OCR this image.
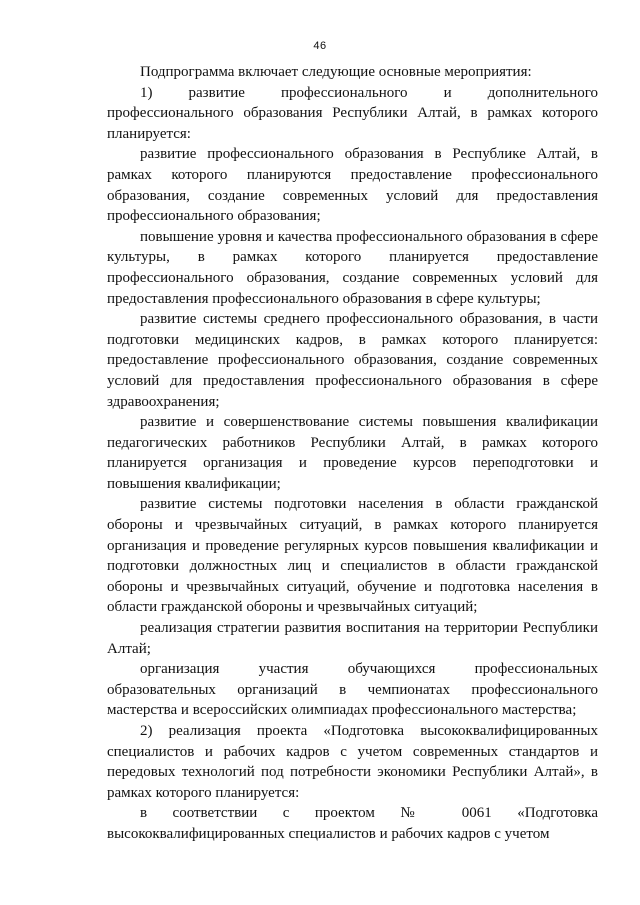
46

Подпрограмма включает следующие основные мероприятия:

1) развитие профессионального и дополнительного профессионального образования Республики Алтай, в рамках которого планируется:

развитие профессионального образования в Республике Алтай, в рамках которого планируются предоставление профессионального образования, создание современных условий для предоставления профессионального образования;

повышение уровня и качества профессионального образования в сфере культуры, в рамках которого планируется предоставление профессионального образования, создание современных условий для предоставления профессионального образования в сфере культуры;

развитие системы среднего профессионального образования, в части подготовки медицинских кадров, в рамках которого планируется: предоставление профессионального образования, создание современных условий для предоставления профессионального образования в сфере здравоохранения;

развитие и совершенствование системы повышения квалификации педагогических работников Республики Алтай, в рамках которого планируется организация и проведение курсов переподготовки и повышения квалификации;

развитие системы подготовки населения в области гражданской обороны и чрезвычайных ситуаций, в рамках которого планируется организация и проведение регулярных курсов повышения квалификации и подготовки должностных лиц и специалистов в области гражданской обороны и чрезвычайных ситуаций, обучение и подготовка населения в области гражданской обороны и чрезвычайных ситуаций;

реализация стратегии развития воспитания на территории Республики Алтай;

организация участия обучающихся профессиональных образовательных организаций в чемпионатах профессионального мастерства и всероссийских олимпиадах профессионального мастерства;

2) реализация проекта «Подготовка высококвалифицированных специалистов и рабочих кадров с учетом современных стандартов и передовых технологий под потребности экономики Республики Алтай», в рамках которого планируется:

в соответствии с проектом № 0061 «Подготовка высококвалифицированных специалистов и рабочих кадров с учетом
